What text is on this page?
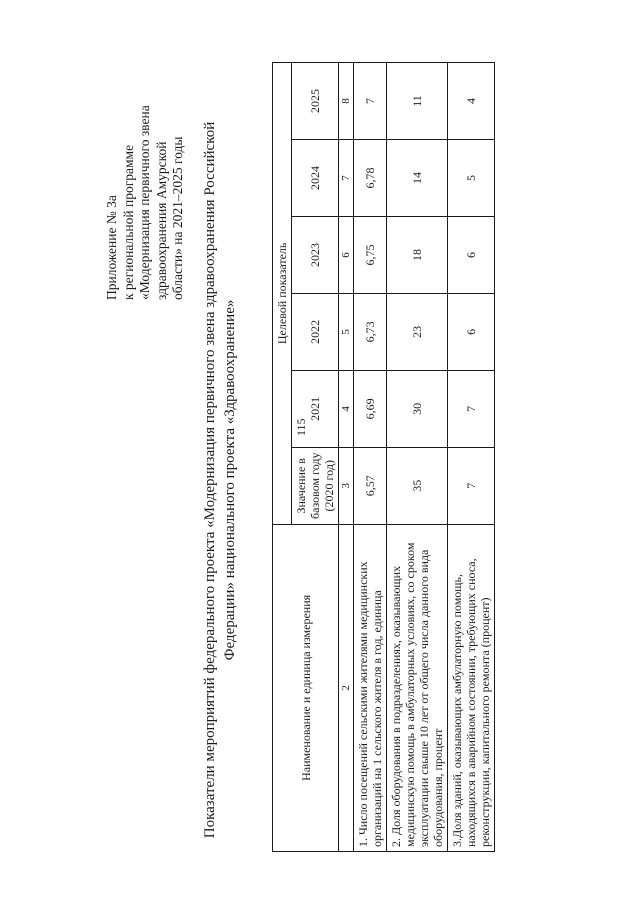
115
Приложение № 3а к региональной программе «Модернизация первичного звена здравоохранения Амурской области» на 2021–2025 годы Показатели мероприятий федерального проекта «Модернизация первичного звена здравоохранения Российской Федерации» национального проекта «Здравоохранение»
Наименование и единица измерения	Целевой показатель					
	Значение в базовом году (2020 год)	2021	2022	2023	2024	2025
2	3	4	5	6	7	8
1. Число посещений сельскими жителями медицинских организаций на 1 сельского жителя в год, единица	6,57	6,69	6,73	6,75	6,78	7
2. Доля оборудования в подразделениях, оказывающих медицинскую помощь в амбулаторных условиях, со сроком эксплуатации свыше 10 лет от общего числа данного вида оборудования, процент	35	30	23	18	14	11
3.Доля зданий, оказывающих амбулаторную помощь, находящихся в аварийном состоянии, требующих сноса, реконструкции, капитального ремонта (процент)	7	7	6	6	5	4
